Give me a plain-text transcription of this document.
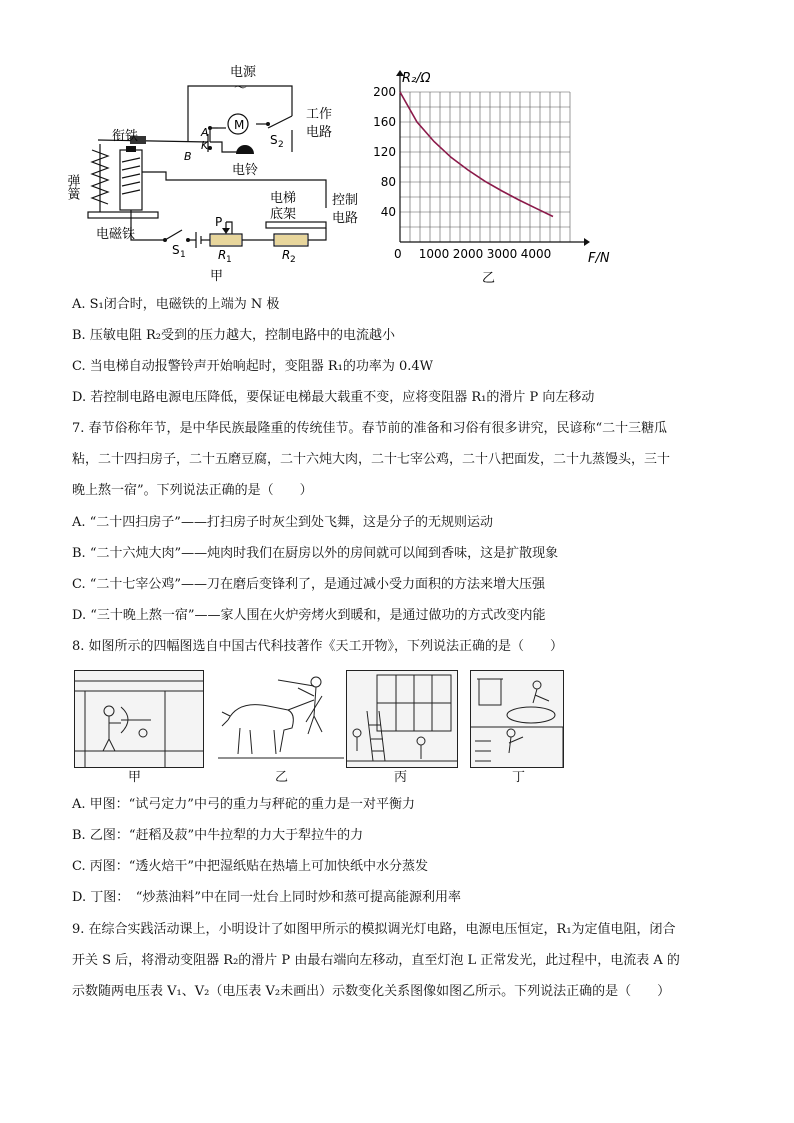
电源
～
衔铁
弹簧
电磁铁
M
A
K
B
S 2
电铃
工作
电路
电梯
底架
控制
电路
S 1
P
R 1	R 2
甲
1000 2000 3000 4000
40
80
120
160
200
R₂/Ω
F/N
0
乙
A. S₁闭合时，电磁铁的上端为 N 极
B. 压敏电阻 R₂受到的压力越大，控制电路中的电流越小
C. 当电梯自动报警铃声开始响起时，变阻器 R₁的功率为 0.4W
D. 若控制电路电源电压降低，要保证电梯最大载重不变，应将变阻器 R₁的滑片 P 向左移动
7. 春节俗称年节，是中华民族最隆重的传统佳节。春节前的准备和习俗有很多讲究，民谚称“二十三糖瓜
粘，二十四扫房子，二十五磨豆腐，二十六炖大肉，二十七宰公鸡，二十八把面发，二十九蒸馒头，三十
晚上熬一宿”。下列说法正确的是（　　）
A. “二十四扫房子”——打扫房子时灰尘到处飞舞，这是分子的无规则运动
B. “二十六炖大肉”——炖肉时我们在厨房以外的房间就可以闻到香味，这是扩散现象
C. “二十七宰公鸡”——刀在磨后变锋利了，是通过减小受力面积的方法来增大压强
D. “三十晚上熬一宿”——家人围在火炉旁烤火到暖和，是通过做功的方式改变内能
8. 如图所示的四幅图选自中国古代科技著作《天工开物》，下列说法正确的是（　　）
甲	乙	丙	丁
A. 甲图：“试弓定力”中弓的重力与秤砣的重力是一对平衡力
B. 乙图：“赶稻及菽”中牛拉犁的力大于犁拉牛的力
C. 丙图：“透火焙干”中把湿纸贴在热墙上可加快纸中水分蒸发
D. 丁图：　“炒蒸油料”中在同一灶台上同时炒和蒸可提高能源利用率
9. 在综合实践活动课上，小明设计了如图甲所示的模拟调光灯电路，电源电压恒定，R₁为定值电阻，闭合
开关 S 后，将滑动变阻器 R₂的滑片 P 由最右端向左移动，直至灯泡 L 正常发光，此过程中，电流表 A 的
示数随两电压表 V₁、V₂（电压表 V₂未画出）示数变化关系图像如图乙所示。下列说法正确的是（　　）
